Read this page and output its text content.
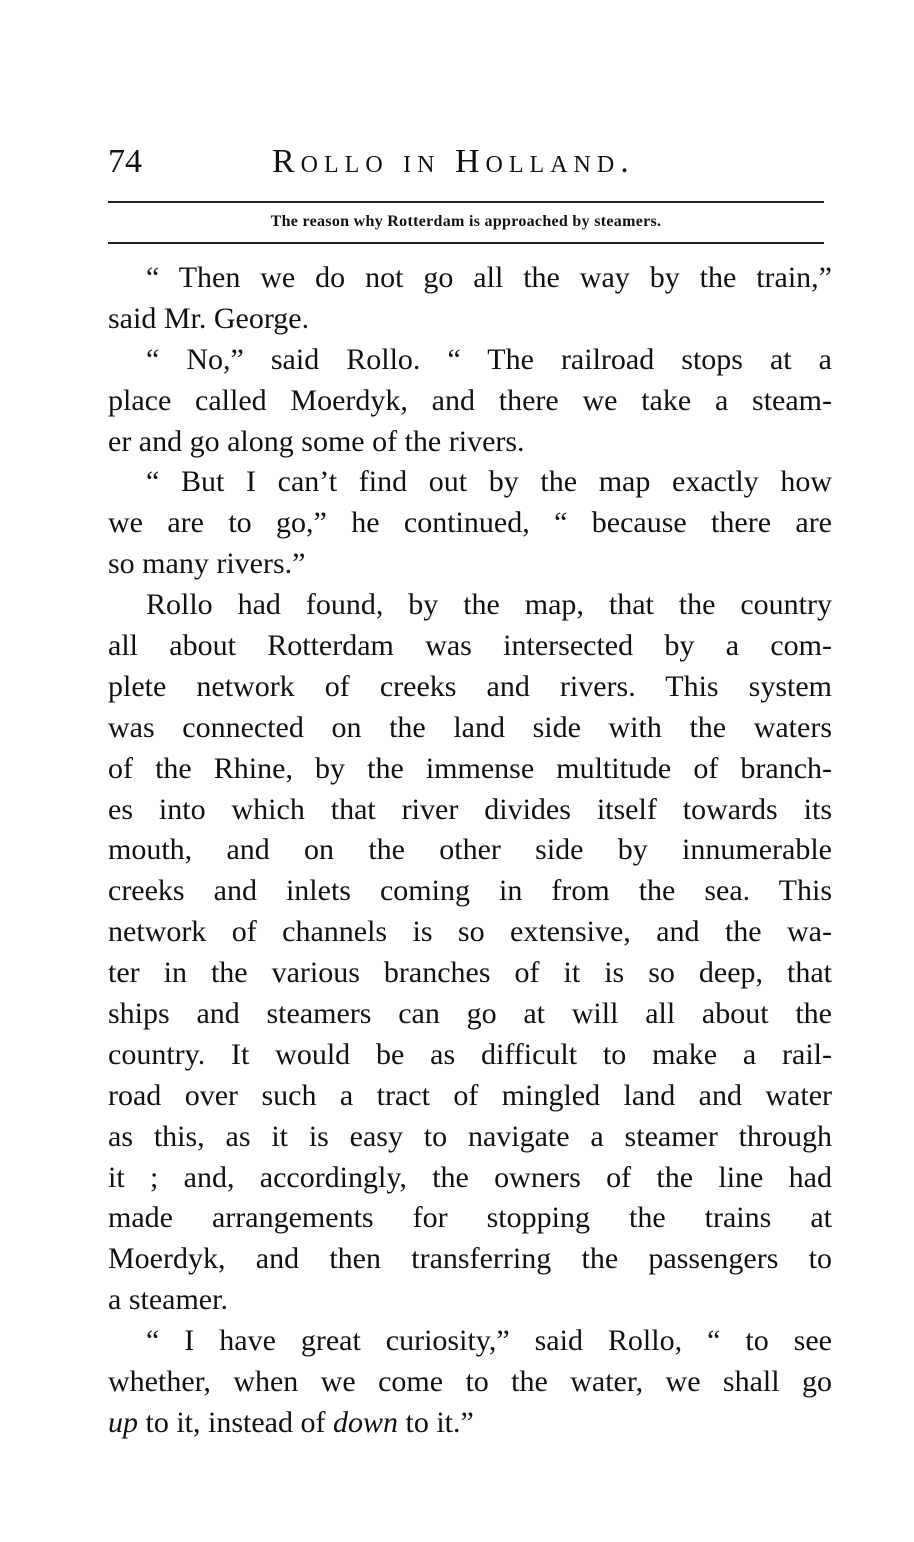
74	Rollo in Holland.
The reason why Rotterdam is approached by steamers.
“ Then we do not go all the way by the train,”
said Mr. George.
“ No,” said Rollo. “ The railroad stops at a
place called Moerdyk, and there we take a steam-
er and go along some of the rivers.
“ But I can’t find out by the map exactly how
we are to go,” he continued, “ because there are
so many rivers.”
Rollo had found, by the map, that the country
all about Rotterdam was intersected by a com-
plete network of creeks and rivers. This system
was connected on the land side with the waters
of the Rhine, by the immense multitude of branch-
es into which that river divides itself towards its
mouth, and on the other side by innumerable
creeks and inlets coming in from the sea. This
network of channels is so extensive, and the wa-
ter in the various branches of it is so deep, that
ships and steamers can go at will all about the
country. It would be as difficult to make a rail-
road over such a tract of mingled land and water
as this, as it is easy to navigate a steamer through
it ; and, accordingly, the owners of the line had
made arrangements for stopping the trains at
Moerdyk, and then transferring the passengers to
a steamer.
“ I have great curiosity,” said Rollo, “ to see
whether, when we come to the water, we shall go
up to it, instead of down to it.”
